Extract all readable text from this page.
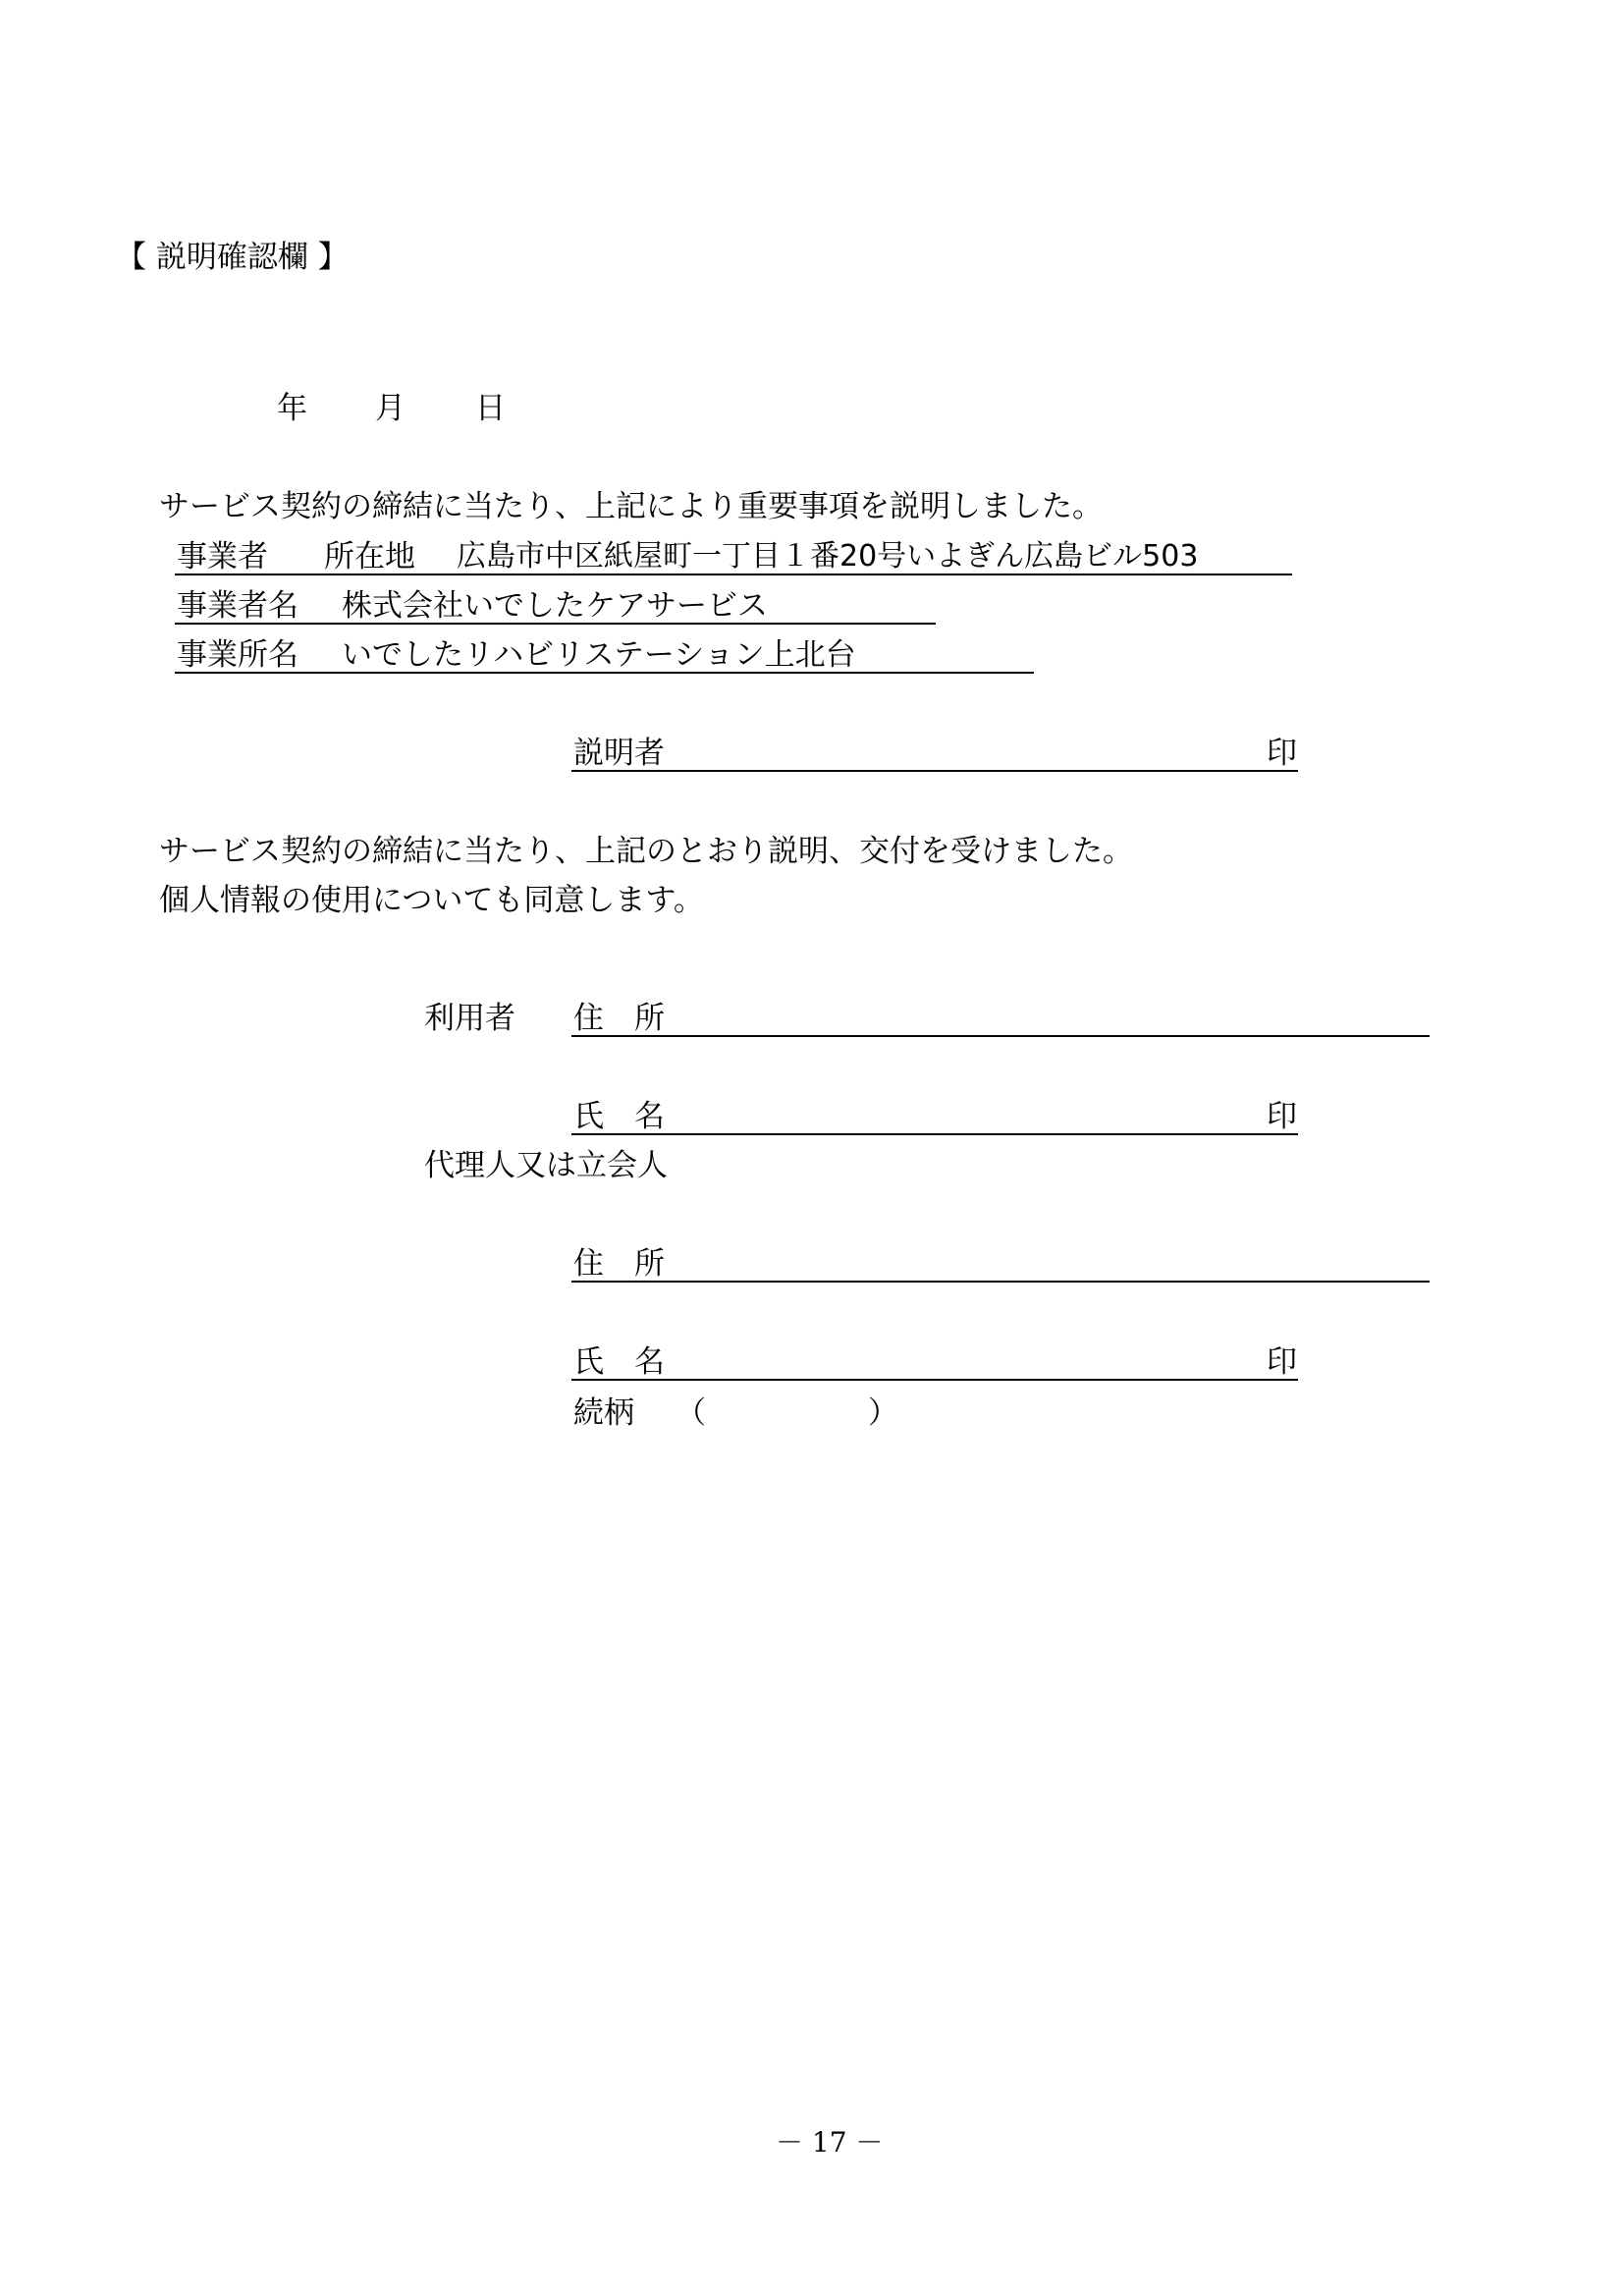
【 説明確認欄 】
年 月 日
サービス契約の締結に当たり、上記により重要事項を説明しました。
事業者 所在地 広島市中区紙屋町一丁目１番20号いよぎん広島ビル503
事業者名 株式会社いでしたケアサービス
事業所名 いでしたリハビリステーション上北台
説明者	印
サービス契約の締結に当たり、上記のとおり説明、交付を受けました。
個人情報の使用についても同意します。
利用者 住　所
氏　名	印
代理人又は立会人
住　所
氏　名	印
続柄 （	）
－ 17 －
